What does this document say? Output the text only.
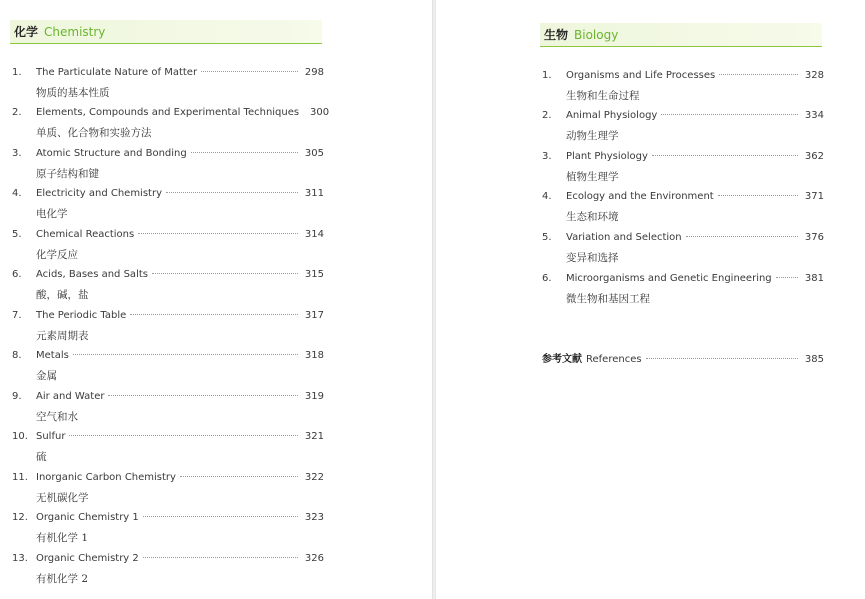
化学 Chemistry
1.	The Particulate Nature of Matter	298
物质的基本性质
2.	Elements, Compounds and Experimental Techniques 300
单质、化合物和实验方法
3.	Atomic Structure and Bonding	305
原子结构和键
4.	Electricity and Chemistry	311
电化学
5.	Chemical Reactions	314
化学反应
6.	Acids, Bases and Salts	315
酸，碱，盐
7.	The Periodic Table	317
元素周期表
8.	Metals	318
金属
9.	Air and Water	319
空气和水
10. Sulfur	321
硫
11. Inorganic Carbon Chemistry	322
无机碳化学
12. Organic Chemistry 1	323
有机化学 1
13. Organic Chemistry 2	326
有机化学 2
生物 Biology
1.	Organisms and Life Processes	328
生物和生命过程
2.	Animal Physiology	334
动物生理学
3.	Plant Physiology	362
植物生理学
4.	Ecology and the Environment	371
生态和环境
5.	Variation and Selection	376
变异和选择
6.	Microorganisms and Genetic Engineering	381
微生物和基因工程
参考文献 References	385
